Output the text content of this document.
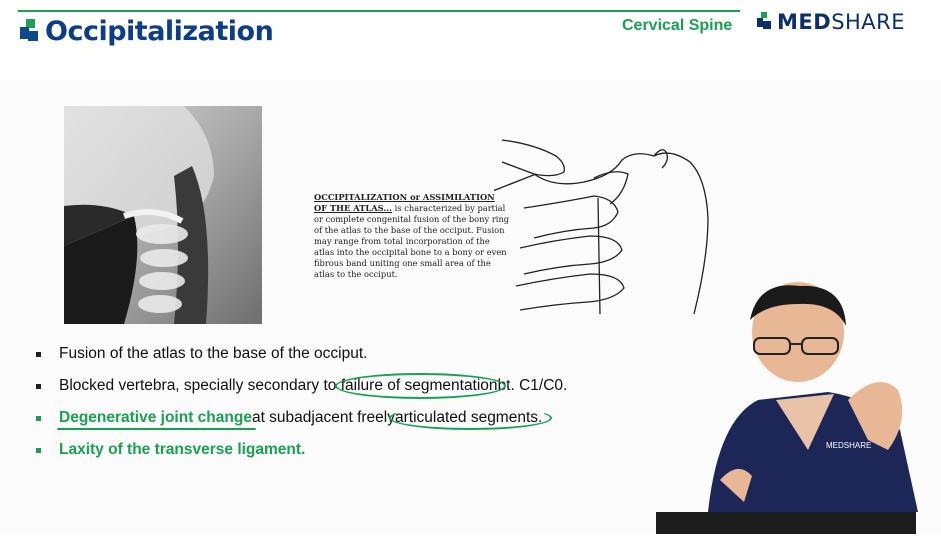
Occipitalization	Cervical Spine MEDSHARE
OCCIPITALIZATION or ASSIMILATION OF THE ATLAS... is characterized by partial or complete congenital fusion of the bony ring of the atlas to the base of the occiput. Fusion may range from total incorporation of the atlas into the occipital bone to a bony or even fibrous band uniting one small area of the atlas to the occiput.
Fusion of the atlas to the base of the occiput.
Blocked vertebra, specially secondary to
failure of segmentation bt. C1/C0.
Degenerative joint change at subadjacent freely articulated segments.
Laxity of the transverse ligament.	MEDSHARE
